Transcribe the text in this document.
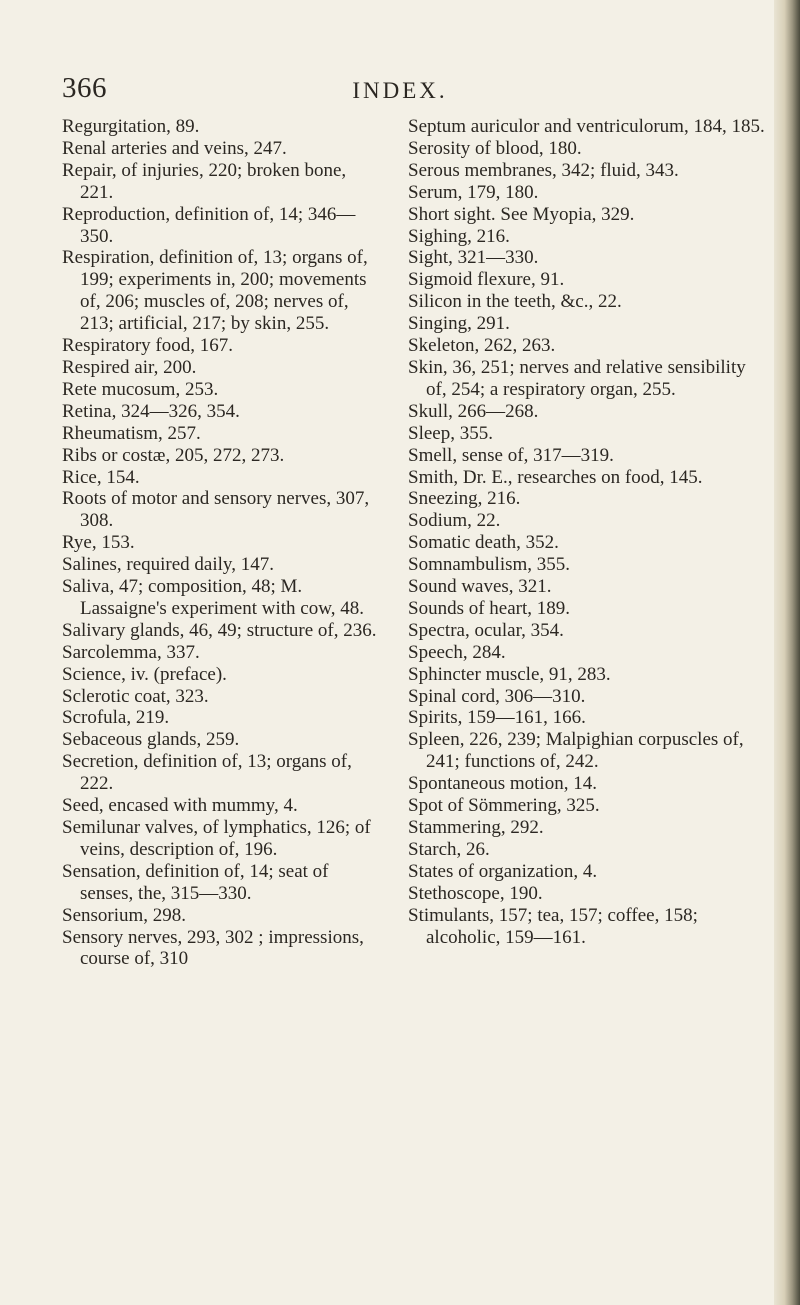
366	INDEX.
Regurgitation, 89.
Renal arteries and veins, 247.
Repair, of injuries, 220; broken bone, 221.
Reproduction, definition of, 14; 346—350.
Respiration, definition of, 13; organs of, 199; experiments in, 200; movements of, 206; muscles of, 208; nerves of, 213; artificial, 217; by skin, 255.
Respiratory food, 167.
Respired air, 200.
Rete mucosum, 253.
Retina, 324—326, 354.
Rheumatism, 257.
Ribs or costæ, 205, 272, 273.
Rice, 154.
Roots of motor and sensory nerves, 307, 308.
Rye, 153.
Salines, required daily, 147.
Saliva, 47; composition, 48; M. Lassaigne's experiment with cow, 48.
Salivary glands, 46, 49; structure of, 236.
Sarcolemma, 337.
Science, iv. (preface).
Sclerotic coat, 323.
Scrofula, 219.
Sebaceous glands, 259.
Secretion, definition of, 13; organs of, 222.
Seed, encased with mummy, 4.
Semilunar valves, of lymphatics, 126; of veins, description of, 196.
Sensation, definition of, 14; seat of senses, the, 315—330.
Sensorium, 298.
Sensory nerves, 293, 302 ; impressions, course of, 310
Septum auriculor and ventriculorum, 184, 185.
Serosity of blood, 180.
Serous membranes, 342; fluid, 343.
Serum, 179, 180.
Short sight. See Myopia, 329.
Sighing, 216.
Sight, 321—330.
Sigmoid flexure, 91.
Silicon in the teeth, &c., 22.
Singing, 291.
Skeleton, 262, 263.
Skin, 36, 251; nerves and relative sensibility of, 254; a respiratory organ, 255.
Skull, 266—268.
Sleep, 355.
Smell, sense of, 317—319.
Smith, Dr. E., researches on food, 145.
Sneezing, 216.
Sodium, 22.
Somatic death, 352.
Somnambulism, 355.
Sound waves, 321.
Sounds of heart, 189.
Spectra, ocular, 354.
Speech, 284.
Sphincter muscle, 91, 283.
Spinal cord, 306—310.
Spirits, 159—161, 166.
Spleen, 226, 239; Malpighian corpuscles of, 241; functions of, 242.
Spontaneous motion, 14.
Spot of Sömmering, 325.
Stammering, 292.
Starch, 26.
States of organization, 4.
Stethoscope, 190.
Stimulants, 157; tea, 157; coffee, 158; alcoholic, 159—161.
